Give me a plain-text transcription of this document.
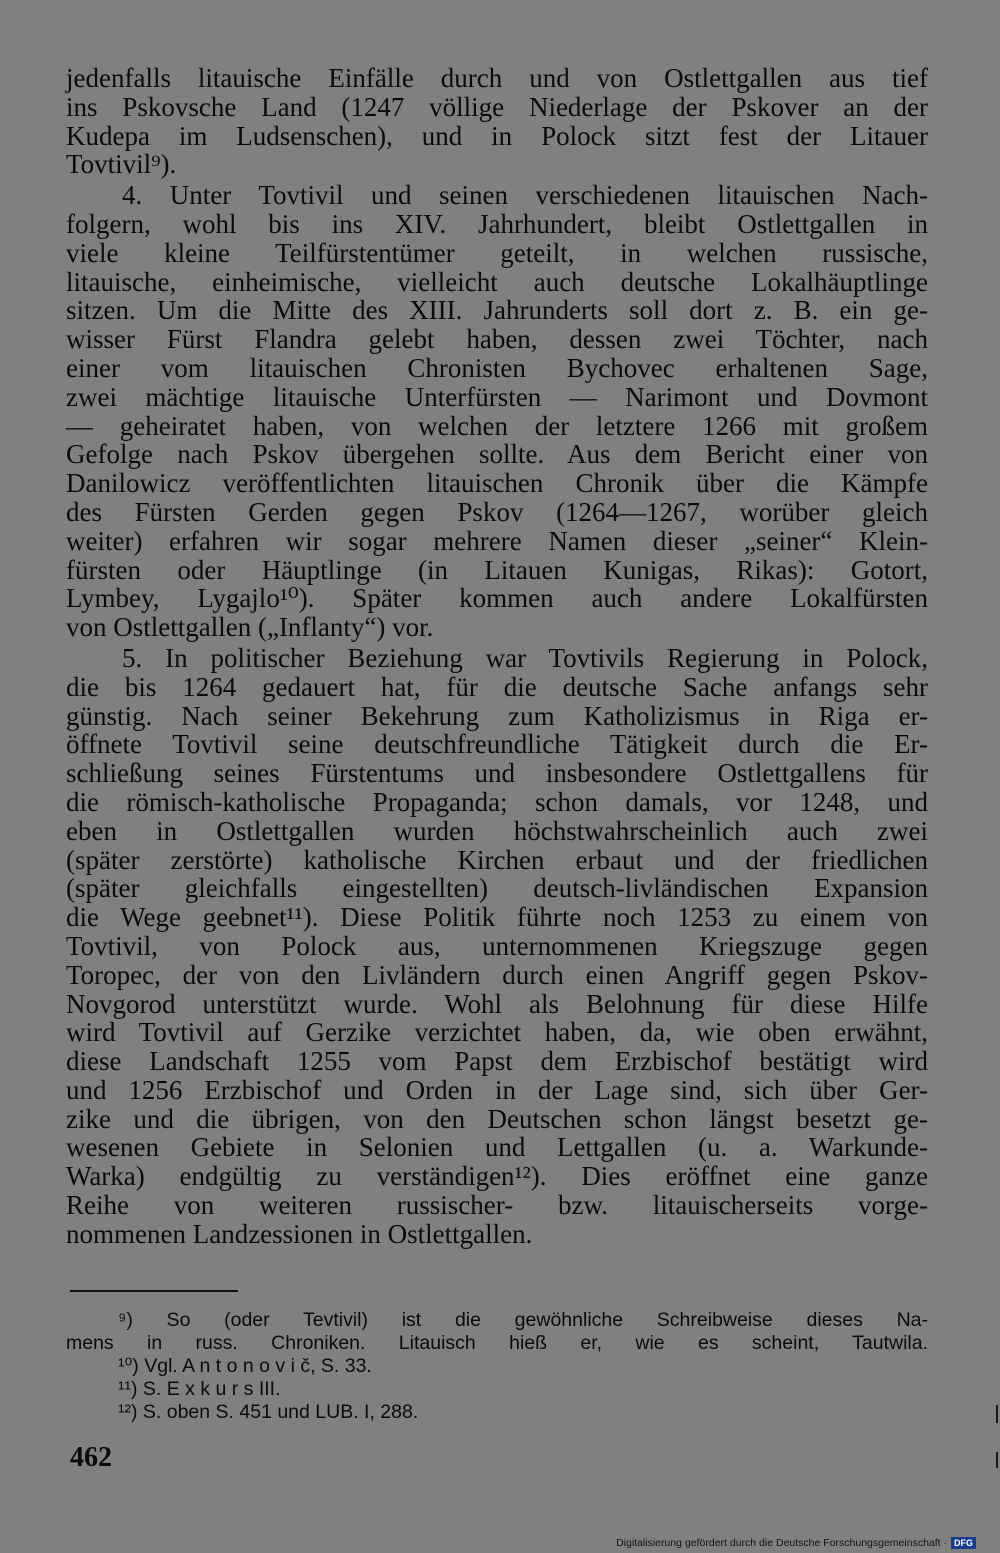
jedenfalls litauische Einfälle durch und von Ostlettgallen aus tief
ins Pskovsche Land (1247 völlige Niederlage der Pskover an der
Kudepa im Ludsenschen), und in Polock sitzt fest der Litauer
Tovtivil⁹).
4. Unter Tovtivil und seinen verschiedenen litauischen Nach-
folgern, wohl bis ins XIV. Jahrhundert, bleibt Ostlettgallen in
viele kleine Teilfürstentümer geteilt, in welchen russische,
litauische, einheimische, vielleicht auch deutsche Lokalhäuptlinge
sitzen. Um die Mitte des XIII. Jahrunderts soll dort z. B. ein ge-
wisser Fürst Flandra gelebt haben, dessen zwei Töchter, nach
einer vom litauischen Chronisten Bychovec erhaltenen Sage,
zwei mächtige litauische Unterfürsten — Narimont und Dovmont
— geheiratet haben, von welchen der letztere 1266 mit großem
Gefolge nach Pskov übergehen sollte. Aus dem Bericht einer von
Danilowicz veröffentlichten litauischen Chronik über die Kämpfe
des Fürsten Gerden gegen Pskov (1264—1267, worüber gleich
weiter) erfahren wir sogar mehrere Namen dieser „seiner“ Klein-
fürsten oder Häuptlinge (in Litauen Kunigas, Rikas): Gotort,
Lymbey, Lygajlo¹⁰). Später kommen auch andere Lokalfürsten
von Ostlettgallen („Inflanty“) vor.
5. In politischer Beziehung war Tovtivils Regierung in Polock,
die bis 1264 gedauert hat, für die deutsche Sache anfangs sehr
günstig. Nach seiner Bekehrung zum Katholizismus in Riga er-
öffnete Tovtivil seine deutschfreundliche Tätigkeit durch die Er-
schließung seines Fürstentums und insbesondere Ostlettgallens für
die römisch-katholische Propaganda; schon damals, vor 1248, und
eben in Ostlettgallen wurden höchstwahrscheinlich auch zwei
(später zerstörte) katholische Kirchen erbaut und der friedlichen
(später gleichfalls eingestellten) deutsch-livländischen Expansion
die Wege geebnet¹¹). Diese Politik führte noch 1253 zu einem von
Tovtivil, von Polock aus, unternommenen Kriegszuge gegen
Toropec, der von den Livländern durch einen Angriff gegen Pskov-
Novgorod unterstützt wurde. Wohl als Belohnung für diese Hilfe
wird Tovtivil auf Gerzike verzichtet haben, da, wie oben erwähnt,
diese Landschaft 1255 vom Papst dem Erzbischof bestätigt wird
und 1256 Erzbischof und Orden in der Lage sind, sich über Ger-
zike und die übrigen, von den Deutschen schon längst besetzt ge-
wesenen Gebiete in Selonien und Lettgallen (u. a. Warkunde-
Warka) endgültig zu verständigen¹²). Dies eröffnet eine ganze
Reihe von weiteren russischer- bzw. litauischerseits vorge-
nommenen Landzessionen in Ostlettgallen.
⁹) So (oder Tevtivil) ist die gewöhnliche Schreibweise dieses Na-
mens in russ. Chroniken. Litauisch hieß er, wie es scheint, Tautwila.
¹⁰) Vgl. A n t o n o v i č, S. 33.
¹¹) S. E x k u r s III.
¹²) S. oben S. 451 und LUB. I, 288.
462
Digitalisierung gefördert durch die Deutsche Forschungsgemeinschaft · DFG
